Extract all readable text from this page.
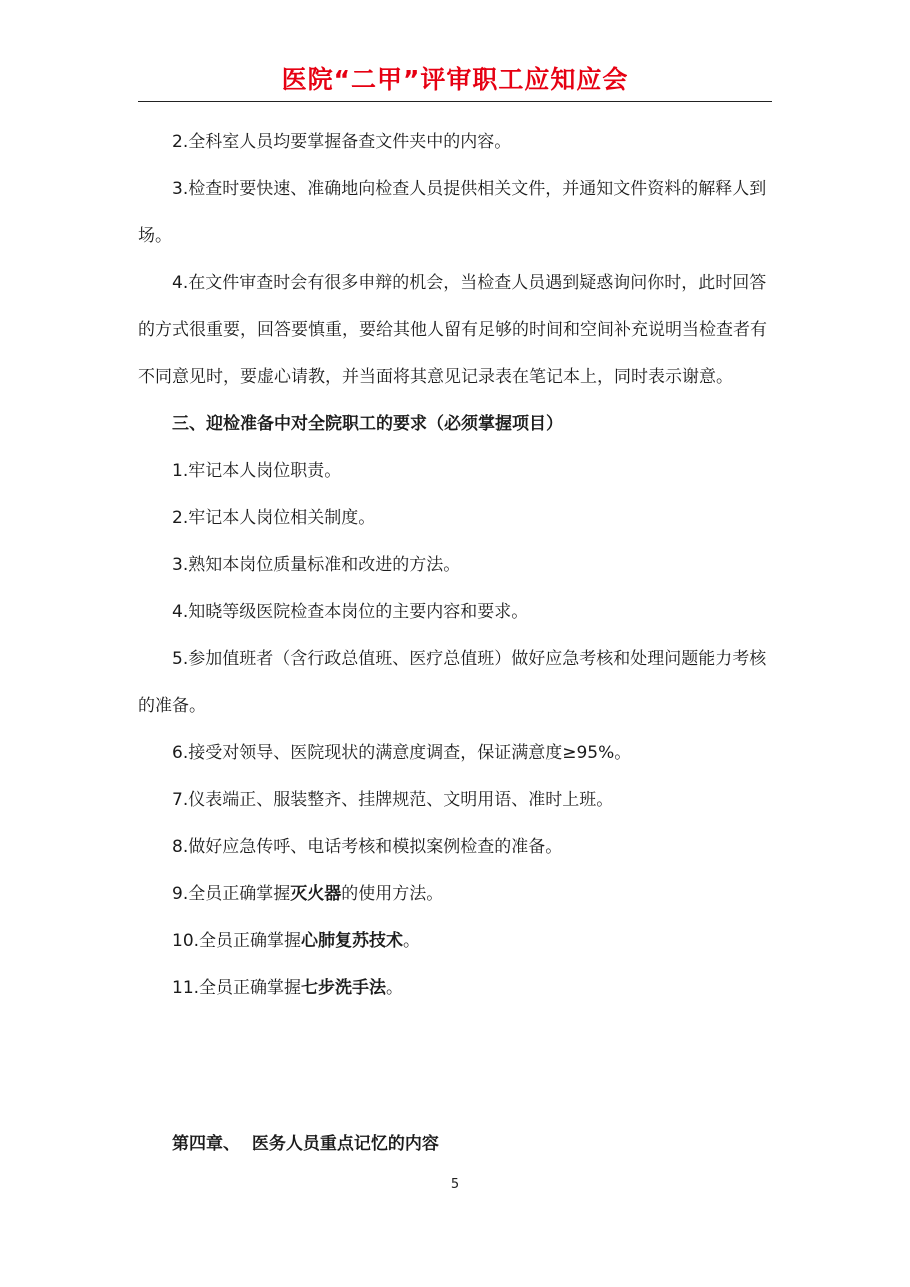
医院“二甲”评审职工应知应会

2.全科室人员均要掌握备查文件夹中的内容。

3.检查时要快速、准确地向检查人员提供相关文件，并通知文件资料的解释人到场。

4.在文件审查时会有很多申辩的机会，当检查人员遇到疑惑询问你时，此时回答的方式很重要，回答要慎重，要给其他人留有足够的时间和空间补充说明当检查者有不同意见时，要虚心请教，并当面将其意见记录表在笔记本上，同时表示谢意。

三、迎检准备中对全院职工的要求（必须掌握项目）

1.牢记本人岗位职责。

2.牢记本人岗位相关制度。

3.熟知本岗位质量标准和改进的方法。

4.知晓等级医院检查本岗位的主要内容和要求。

5.参加值班者（含行政总值班、医疗总值班）做好应急考核和处理问题能力考核的准备。

6.接受对领导、医院现状的满意度调查，保证满意度≥95%。

7.仪表端正、服装整齐、挂牌规范、文明用语、准时上班。

8.做好应急传呼、电话考核和模拟案例检查的准备。

9.全员正确掌握灭火器的使用方法。

10.全员正确掌握心肺复苏技术。

11.全员正确掌握七步洗手法。

第四章、  医务人员重点记忆的内容
5
